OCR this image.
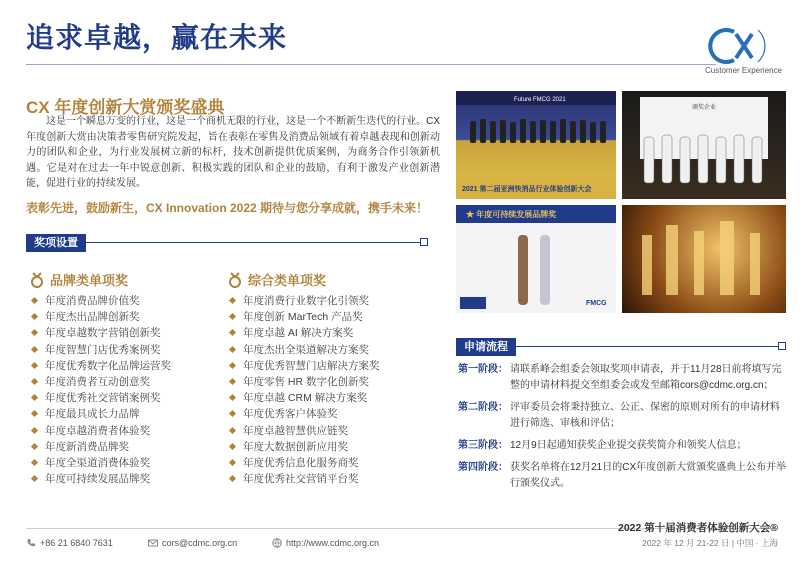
追求卓越，赢在未来
Customer Experience
CX 年度创新大赏颁奖盛典
这是一个瞬息万变的行业，这是一个商机无限的行业，这是一个不断新生迭代的行业。CX年度创新大赏由决策者零售研究院发起，旨在表彰在零售及消费品领域有着卓越表现和创新动力的团队和企业，为行业发展树立新的标杆，技术创新提供优质案例，为商务合作引领新机遇。它是对在过去一年中锐意创新、积极实践的团队和企业的鼓励，有利于激发产业创新潜能，促进行业的持续发展。
表彰先进，鼓励新生，CX Innovation 2022 期待与您分享成就，携手未来！
奖项设置
品牌类单项奖
年度消费品牌价值奖
年度杰出品牌创新奖
年度卓越数字营销创新奖
年度智慧门店优秀案例奖
年度优秀数字化品牌运营奖
年度消费者互动创意奖
年度优秀社交营销案例奖
年度最具成长力品牌
年度卓越消费者体验奖
年度新消费品牌奖
年度全渠道消费体验奖
年度可持续发展品牌奖
综合类单项奖
年度消费行业数字化引领奖
年度创新 MarTech 产品奖
年度卓越 AI 解决方案奖
年度杰出全渠道解决方案奖
年度优秀智慧门店解决方案奖
年度零售 HR 数字化创新奖
年度卓越 CRM 解决方案奖
年度优秀客户体验奖
年度卓越智慧供应链奖
年度大数据创新应用奖
年度优秀信息化服务商奖
年度优秀社交营销平台奖
Future FMCG 2021
2021 第二届亚洲快消品行业体验创新大会
颁奖企业
★ 年度可持续发展品牌奖
FMCG
申请流程
第一阶段： 请联系峰会组委会领取奖项申请表，并于11月28日前将填写完整的申请材料提交至组委会或发至邮箱cors@cdmc.org.cn；
第二阶段： 评审委员会将秉持独立、公正、保密的原则对所有的申请材料进行筛选、审核和评估；
第三阶段： 12月9日起通知获奖企业提交获奖简介和领奖人信息；
第四阶段： 获奖名单将在12月21日的CX年度创新大赏颁奖盛典上公布并举行颁奖仪式。
+86 21 6840 7631	cors@cdmc.org.cn	http://www.cdmc.org.cn
2022 第十届消费者体验创新大会®
2022 年 12 月 21-22 日 | 中国 · 上海
